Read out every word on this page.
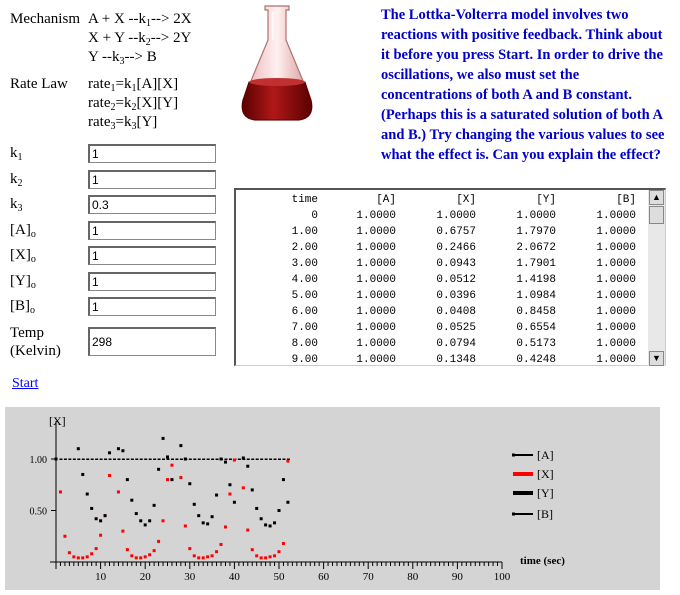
Mechanism
Rate Law
A + X $--k_1--> 2X$
X + Y $--k_2--> 2Y$
Y $--k_3--> B$
$rate_1=k_1[A][X]$
$rate_2=k_2[X][Y]$
$rate_3=k_3[Y]$
$k_1$
1
$k_2$
1
$k_3$
0.3
$[A]_o$
1
$[X]_o$
1
$[Y]_o$
1
$[B]_o$
1
Temp
(Kelvin)
298
The Lottka-Volterra model involves two reactions with positive feedback. Think about it before you press Start. In order to drive the oscillations, we also must set the concentrations of both A and B constant. (Perhaps this is a saturated solution of both A and B.) Try changing the various values to see what the effect is. Can you explain the effect?
time	[A]	[X]	[Y]	[B]
0	1.0000	1.0000	1.0000	1.0000
1.00	1.0000	0.6757	1.7970	1.0000
2.00	1.0000	0.2466	2.0672	1.0000
3.00	1.0000	0.0943	1.7901	1.0000
4.00	1.0000	0.0512	1.4198	1.0000
5.00	1.0000	0.0396	1.0984	1.0000
6.00	1.0000	0.0408	0.8458	1.0000
7.00	1.0000	0.0525	0.6554	1.0000
8.00	1.0000	0.0794	0.5173	1.0000
9.00	1.0000	0.1348	0.4248	1.0000
▲
▼
Start
[X]
10	20	30	40	50	60	70	80	90	100
1.00
0.50
time (sec)
[A]
[X]
[Y]
[B]
